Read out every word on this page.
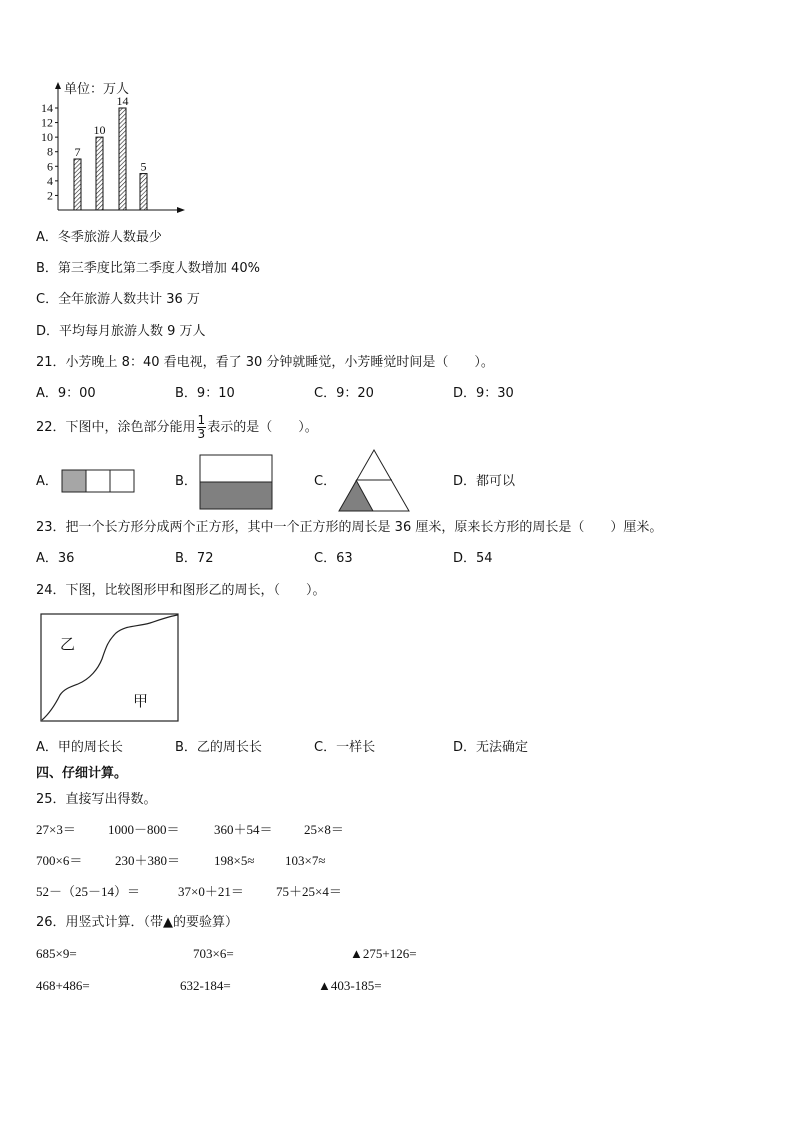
2
4
6
8
10
12
14
7
10
14
5
单位：万人
A．冬季旅游人数最少
B．第三季度比第二季度人数增加 40%
C．全年旅游人数共计 36 万
D．平均每月旅游人数 9 万人
21．小芳晚上 8：40 看电视，看了 30 分钟就睡觉，小芳睡觉时间是（　　）。
A．9：00	B．9：10	C．9：20	D．9：30
22．下图中，涂色部分能用 $\frac{1}{3}$ 表示的是（　　）。
A．	B．	C．	D．都可以
23．把一个长方形分成两个正方形，其中一个正方形的周长是 36 厘米，原来长方形的周长是（　　）厘米。
A．36	B．72	C．63	D．54
24．下图，比较图形甲和图形乙的周长，（　　）。
乙
甲
A．甲的周长长	B．乙的周长长	C．一样长	D．无法确定
四、仔细计算。
25．直接写出得数。
27×3＝ 1000－800＝	360＋54＝ 25×8＝
700×6＝	230＋380＝	198×5≈ 103×7≈
52－（25－14）＝	37×0＋21＝ 75＋25×4＝
26．用竖式计算．（带▲的要验算）
685×9=	703×6=	▲275+126=
468+486=	632-184=	▲403-185=
